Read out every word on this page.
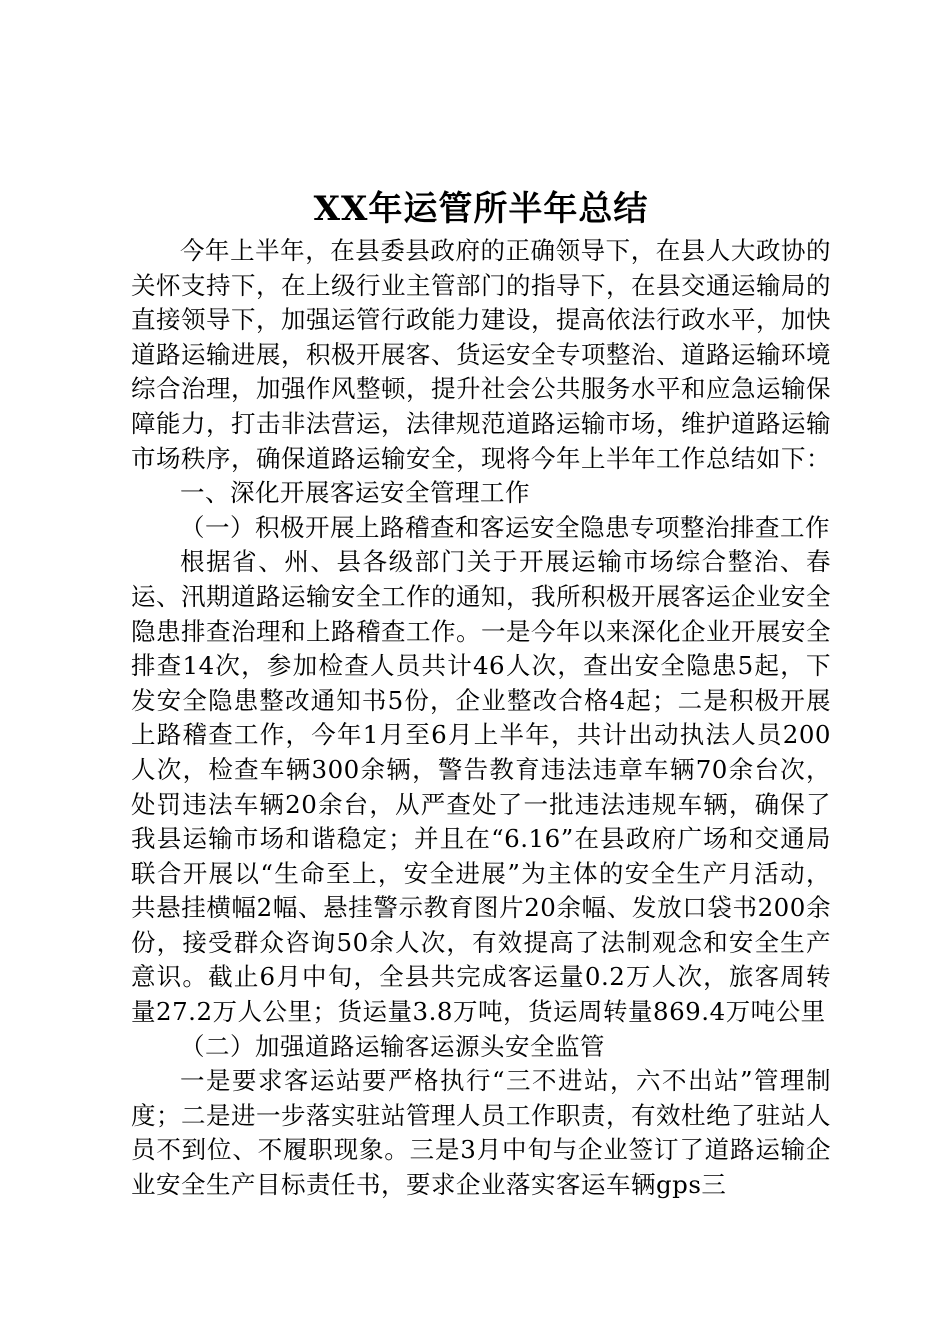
XX年运管所半年总结

今年上半年，在县委县政府的正确领导下，在县人大政协的关怀支持下，在上级行业主管部门的指导下，在县交通运输局的直接领导下，加强运管行政能力建设，提高依法行政水平，加快道路运输进展，积极开展客、货运安全专项整治、道路运输环境综合治理，加强作风整顿，提升社会公共服务水平和应急运输保障能力，打击非法营运，法律规范道路运输市场，维护道路运输市场秩序，确保道路运输安全，现将今年上半年工作总结如下：

一、深化开展客运安全管理工作

（一）积极开展上路稽查和客运安全隐患专项整治排查工作

根据省、州、县各级部门关于开展运输市场综合整治、春运、汛期道路运输安全工作的通知，我所积极开展客运企业安全隐患排查治理和上路稽查工作。一是今年以来深化企业开展安全排查14次，参加检查人员共计46人次，查出安全隐患5起，下发安全隐患整改通知书5份，企业整改合格4起；二是积极开展上路稽查工作，今年1月至6月上半年，共计出动执法人员200人次，检查车辆300余辆，警告教育违法违章车辆70余台次，处罚违法车辆20余台，从严查处了一批违法违规车辆，确保了我县运输市场和谐稳定；并且在“6.16”在县政府广场和交通局联合开展以“生命至上，安全进展”为主体的安全生产月活动，共悬挂横幅2幅、悬挂警示教育图片20余幅、发放口袋书200余份，接受群众咨询50余人次，有效提高了法制观念和安全生产意识。截止6月中旬，全县共完成客运量0.2万人次，旅客周转量27.2万人公里；货运量3.8万吨，货运周转量869.4万吨公里

（二）加强道路运输客运源头安全监管

一是要求客运站要严格执行“三不进站，六不出站”管理制度；二是进一步落实驻站管理人员工作职责，有效杜绝了驻站人员不到位、不履职现象。三是3月中旬与企业签订了道路运输企业安全生产目标责任书，要求企业落实客运车辆gps三
